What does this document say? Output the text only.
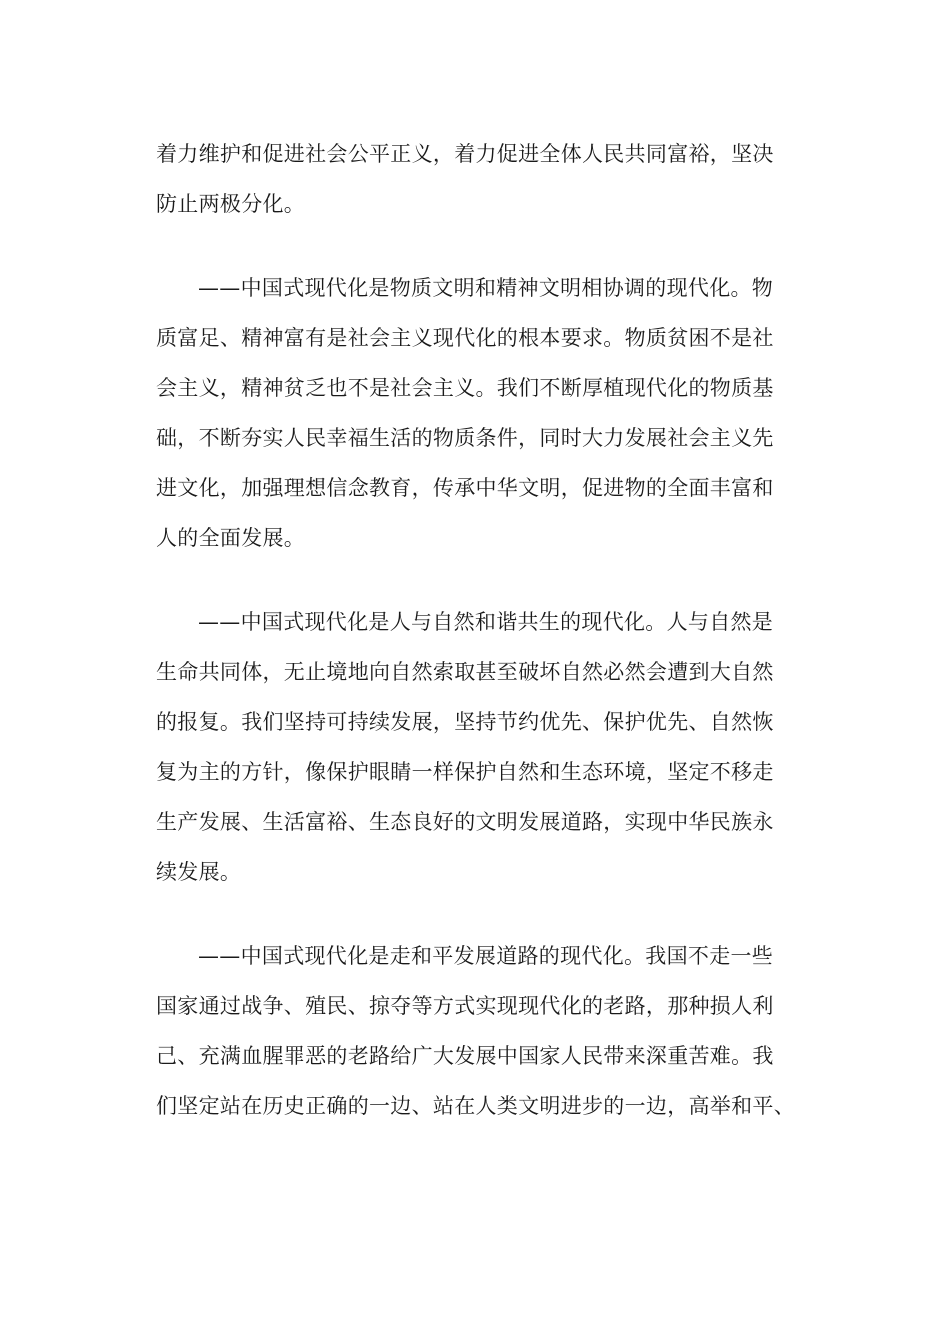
着力维护和促进社会公平正义，着力促进全体人民共同富裕，坚决
防止两极分化。
——中国式现代化是物质文明和精神文明相协调的现代化。物
质富足、精神富有是社会主义现代化的根本要求。物质贫困不是社
会主义，精神贫乏也不是社会主义。我们不断厚植现代化的物质基
础，不断夯实人民幸福生活的物质条件，同时大力发展社会主义先
进文化，加强理想信念教育，传承中华文明，促进物的全面丰富和
人的全面发展。
——中国式现代化是人与自然和谐共生的现代化。人与自然是
生命共同体，无止境地向自然索取甚至破坏自然必然会遭到大自然
的报复。我们坚持可持续发展，坚持节约优先、保护优先、自然恢
复为主的方针，像保护眼睛一样保护自然和生态环境，坚定不移走
生产发展、生活富裕、生态良好的文明发展道路，实现中华民族永
续发展。
——中国式现代化是走和平发展道路的现代化。我国不走一些
国家通过战争、殖民、掠夺等方式实现现代化的老路，那种损人利
己、充满血腥罪恶的老路给广大发展中国家人民带来深重苦难。我
们坚定站在历史正确的一边、站在人类文明进步的一边，高举和平、
